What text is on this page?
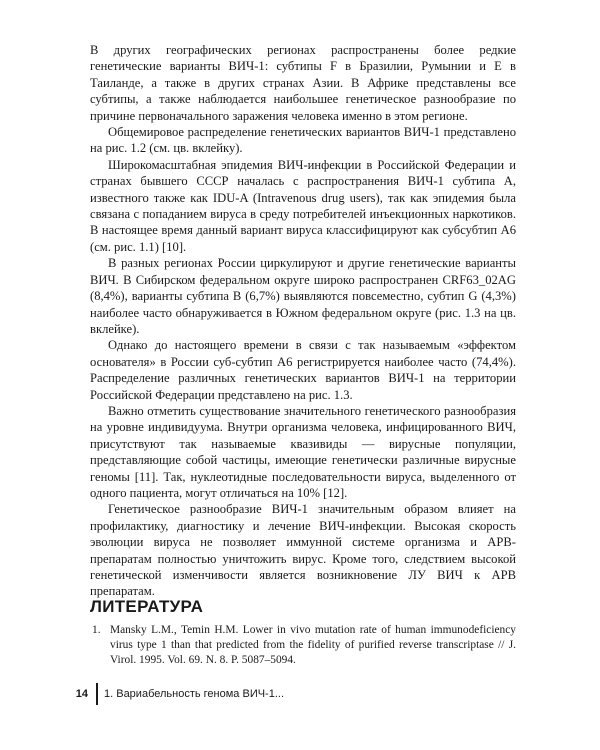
В других географических регионах распространены более редкие генетические варианты ВИЧ-1: субтипы F в Бразилии, Румынии и E в Таиланде, а также в других странах Азии. В Африке представлены все субтипы, а также наблюдается наибольшее генетическое разнообразие по причине первоначального заражения человека именно в этом регионе.

Общемировое распределение генетических вариантов ВИЧ-1 представлено на рис. 1.2 (см. цв. вклейку).

Широкомасштабная эпидемия ВИЧ-инфекции в Российской Федерации и странах бывшего СССР началась с распространения ВИЧ-1 субтипа А, известного также как IDU-A (Intravenous drug users), так как эпидемия была связана с попаданием вируса в среду потребителей инъекционных наркотиков. В настоящее время данный вариант вируса классифицируют как субсубтип А6 (см. рис. 1.1) [10].

В разных регионах России циркулируют и другие генетические варианты ВИЧ. В Сибирском федеральном округе широко распространен CRF63_02AG (8,4%), варианты субтипа В (6,7%) выявляются повсеместно, субтип G (4,3%) наиболее часто обнаруживается в Южном федеральном округе (рис. 1.3 на цв. вклейке).

Однако до настоящего времени в связи с так называемым «эффектом основателя» в России суб-субтип А6 регистрируется наиболее часто (74,4%). Распределение различных генетических вариантов ВИЧ-1 на территории Российской Федерации представлено на рис. 1.3.

Важно отметить существование значительного генетического разнообразия на уровне индивидуума. Внутри организма человека, инфицированного ВИЧ, присутствуют так называемые квазивиды — вирусные популяции, представляющие собой частицы, имеющие генетически различные вирусные геномы [11]. Так, нуклеотидные последовательности вируса, выделенного от одного пациента, могут отличаться на 10% [12].

Генетическое разнообразие ВИЧ-1 значительным образом влияет на профилактику, диагностику и лечение ВИЧ-инфекции. Высокая скорость эволюции вируса не позволяет иммунной системе организма и АРВ-препаратам полностью уничтожить вирус. Кроме того, следствием высокой генетической изменчивости является возникновение ЛУ ВИЧ к АРВ препаратам.

ЛИТЕРАТУРА
1. Mansky L.M., Temin H.M. Lower in vivo mutation rate of human immunodeficiency virus type 1 than that predicted from the fidelity of purified reverse transcriptase // J. Virol. 1995. Vol. 69. N. 8. P. 5087–5094.
14 1. Вариабельность генома ВИЧ-1...
